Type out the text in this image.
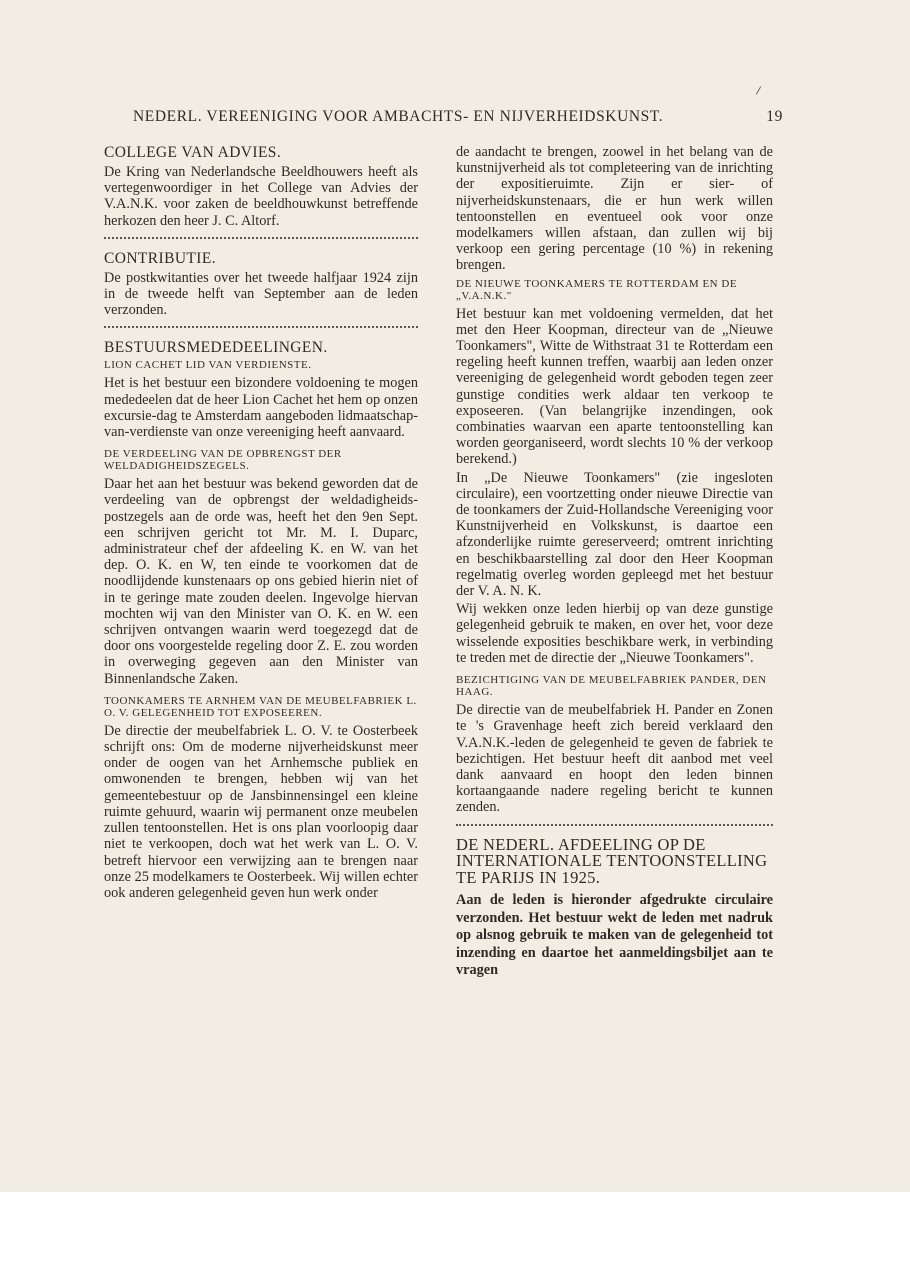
NEDERL. VEREENIGING VOOR AMBACHTS- EN NIJVERHEIDSKUNST.	19
COLLEGE VAN ADVIES.

De Kring van Nederlandsche Beeldhouwers heeft als vertegenwoordiger in het College van Advies der V.A.N.K. voor zaken de beeldhouwkunst betreffende herkozen den heer J. C. Altorf.

CONTRIBUTIE.

De postkwitanties over het tweede halfjaar 1924 zijn in de tweede helft van September aan de leden verzonden.

BESTUURSMEDEDEELINGEN.
LION CACHET LID VAN VERDIENSTE.

Het is het bestuur een bizondere voldoening te mogen mededeelen dat de heer Lion Cachet het hem op onzen excursie-dag te Amsterdam aangeboden lidmaatschap-van-verdienste van onze vereeniging heeft aanvaard.

DE VERDEELING VAN DE OPBRENGST DER WELDADIGHEIDSZEGELS.

Daar het aan het bestuur was bekend geworden dat de verdeeling van de opbrengst der weldadigheids-postzegels aan de orde was, heeft het den 9en Sept. een schrijven gericht tot Mr. M. I. Duparc, administrateur chef der afdeeling K. en W. van het dep. O. K. en W, ten einde te voorkomen dat de noodlijdende kunstenaars op ons gebied hierin niet of in te geringe mate zouden deelen. Ingevolge hiervan mochten wij van den Minister van O. K. en W. een schrijven ontvangen waarin werd toegezegd dat de door ons voorgestelde regeling door Z. E. zou worden in overweging gegeven aan den Minister van Binnenlandsche Zaken.

TOONKAMERS TE ARNHEM VAN DE MEUBELFABRIEK L. O. V. GELEGENHEID TOT EXPOSEEREN.

De directie der meubelfabriek L. O. V. te Oosterbeek schrijft ons: Om de moderne nijverheidskunst meer onder de oogen van het Arnhemsche publiek en omwonenden te brengen, hebben wij van het gemeentebestuur op de Jansbinnensingel een kleine ruimte gehuurd, waarin wij permanent onze meubelen zullen tentoonstellen. Het is ons plan voorloopig daar niet te verkoopen, doch wat het werk van L. O. V. betreft hiervoor een verwijzing aan te brengen naar onze 25 modelkamers te Oosterbeek. Wij willen echter ook anderen gelegenheid geven hun werk onder

de aandacht te brengen, zoowel in het belang van de kunstnijverheid als tot completeering van de inrichting der expositieruimte. Zijn er sier- of nijverheidskunstenaars, die er hun werk willen tentoonstellen en eventueel ook voor onze modelkamers willen afstaan, dan zullen wij bij verkoop een gering percentage (10 %) in rekening brengen.

DE NIEUWE TOONKAMERS TE ROTTERDAM EN DE „V.A.N.K."

Het bestuur kan met voldoening vermelden, dat het met den Heer Koopman, directeur van de „Nieuwe Toonkamers", Witte de Withstraat 31 te Rotterdam een regeling heeft kunnen treffen, waarbij aan leden onzer vereeniging de gelegenheid wordt geboden tegen zeer gunstige condities werk aldaar ten verkoop te exposeeren. (Van belangrijke inzendingen, ook combinaties waarvan een aparte tentoonstelling kan worden georganiseerd, wordt slechts 10 % der verkoop berekend.)

In „De Nieuwe Toonkamers" (zie ingesloten circulaire), een voortzetting onder nieuwe Directie van de toonkamers der Zuid-Hollandsche Vereeniging voor Kunstnijverheid en Volkskunst, is daartoe een afzonderlijke ruimte gereserveerd; omtrent inrichting en beschikbaarstelling zal door den Heer Koopman regelmatig overleg worden gepleegd met het bestuur der V. A. N. K.

Wij wekken onze leden hierbij op van deze gunstige gelegenheid gebruik te maken, en over het, voor deze wisselende exposities beschikbare werk, in verbinding te treden met de directie der „Nieuwe Toonkamers".

BEZICHTIGING VAN DE MEUBELFABRIEK PANDER, DEN HAAG.

De directie van de meubelfabriek H. Pander en Zonen te 's Gravenhage heeft zich bereid verklaard den V.A.N.K.-leden de gelegenheid te geven de fabriek te bezichtigen. Het bestuur heeft dit aanbod met veel dank aanvaard en hoopt den leden binnen kortaangaande nadere regeling bericht te kunnen zenden.

DE NEDERL. AFDEELING OP DE INTERNATIONALE TENTOONSTELLING TE PARIJS IN 1925.

Aan de leden is hieronder afgedrukte circulaire verzonden. Het bestuur wekt de leden met nadruk op alsnog gebruik te maken van de gelegenheid tot inzending en daartoe het aanmeldingsbiljet aan te vragen
